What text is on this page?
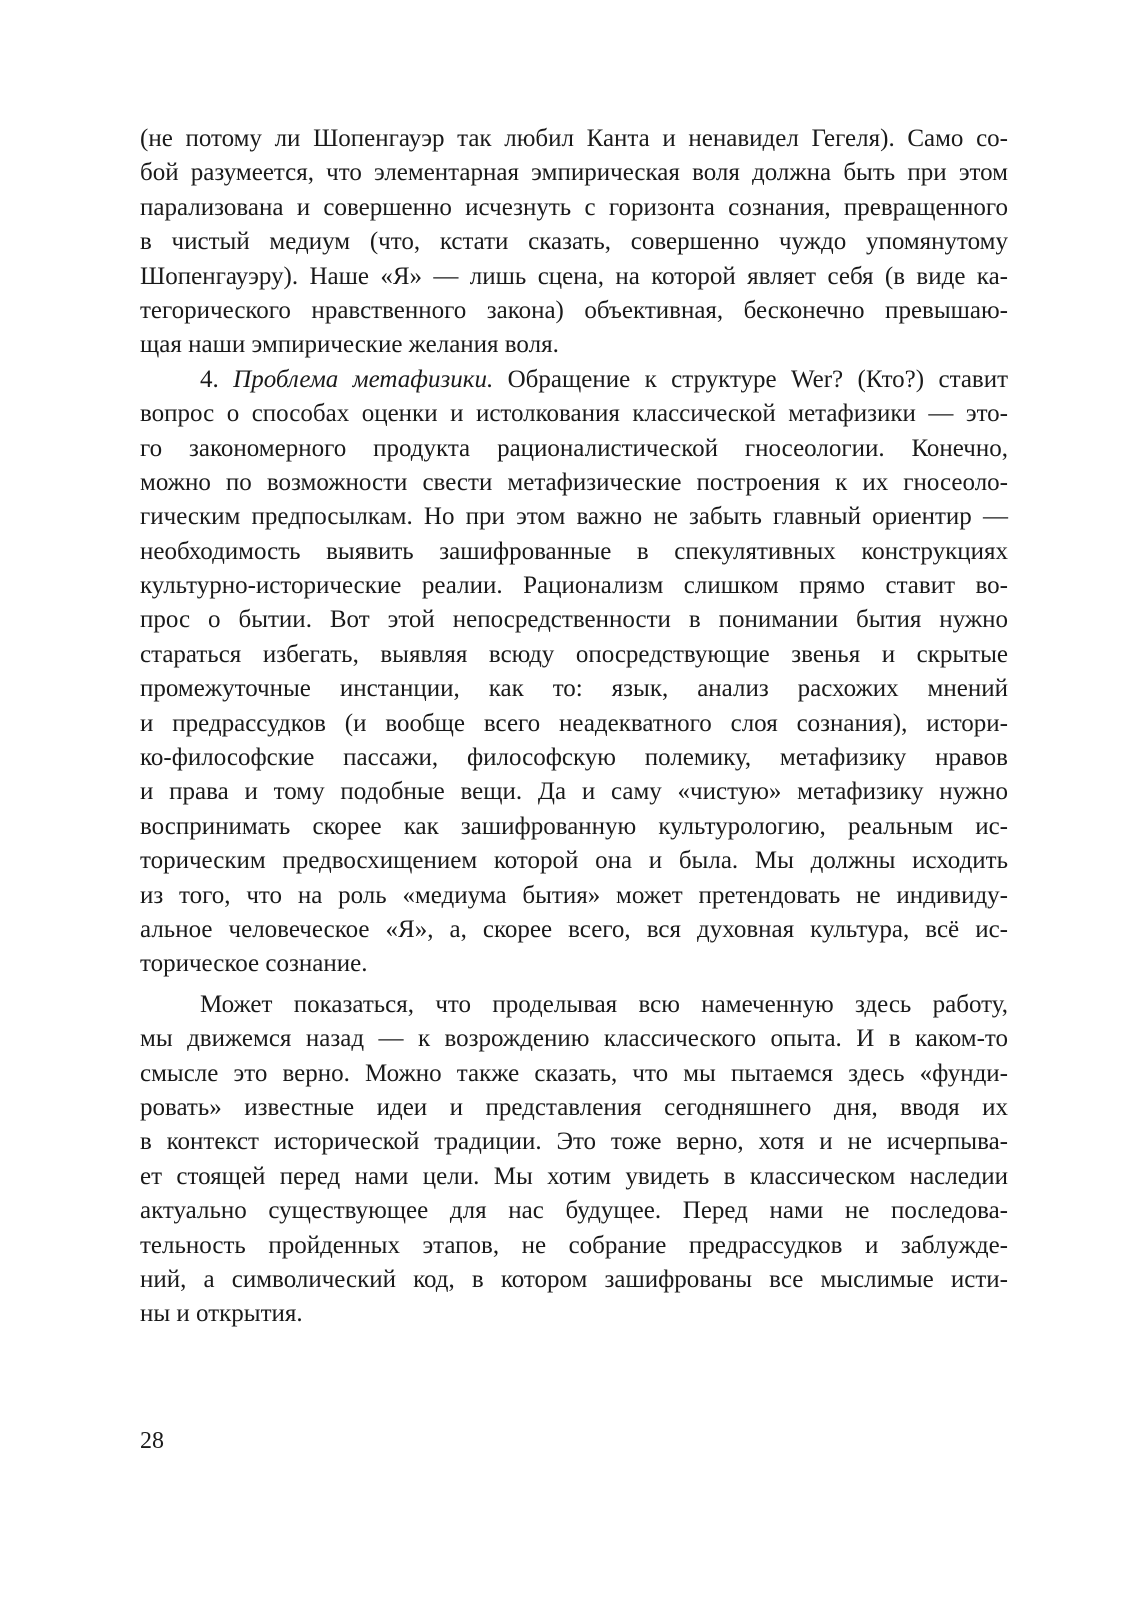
(не потому ли Шопенгауэр так любил Канта и ненавидел Гегеля). Само со-
бой разумеется, что элементарная эмпирическая воля должна быть при этом
парализована и совершенно исчезнуть с горизонта сознания, превращенного
в чистый медиум (что, кстати сказать, совершенно чуждо упомянутому
Шопенгауэру). Наше «Я» — лишь сцена, на которой являет себя (в виде ка-
тегорического нравственного закона) объективная, бесконечно превышаю-
щая наши эмпирические желания воля.
4. Проблема метафизики. Обращение к структуре Wer? (Кто?) ставит
вопрос о способах оценки и истолкования классической метафизики — это-
го закономерного продукта рационалистической гносеологии. Конечно,
можно по возможности свести метафизические построения к их гносеоло-
гическим предпосылкам. Но при этом важно не забыть главный ориентир —
необходимость выявить зашифрованные в спекулятивных конструкциях
культурно-исторические реалии. Рационализм слишком прямо ставит во-
прос о бытии. Вот этой непосредственности в понимании бытия нужно
стараться избегать, выявляя всюду опосредствующие звенья и скрытые
промежуточные инстанции, как то: язык, анализ расхожих мнений
и предрассудков (и вообще всего неадекватного слоя сознания), истори-
ко-философские пассажи, философскую полемику, метафизику нравов
и права и тому подобные вещи. Да и саму «чистую» метафизику нужно
воспринимать скорее как зашифрованную культурологию, реальным ис-
торическим предвосхищением которой она и была. Мы должны исходить
из того, что на роль «медиума бытия» может претендовать не индивиду-
альное человеческое «Я», а, скорее всего, вся духовная культура, всё ис-
торическое сознание.
Может показаться, что проделывая всю намеченную здесь работу,
мы движемся назад — к возрождению классического опыта. И в каком-то
смысле это верно. Можно также сказать, что мы пытаемся здесь «фунди-
ровать» известные идеи и представления сегодняшнего дня, вводя их
в контекст исторической традиции. Это тоже верно, хотя и не исчерпыва-
ет стоящей перед нами цели. Мы хотим увидеть в классическом наследии
актуально существующее для нас будущее. Перед нами не последова-
тельность пройденных этапов, не собрание предрассудков и заблужде-
ний, а символический код, в котором зашифрованы все мыслимые исти-
ны и открытия.
28
